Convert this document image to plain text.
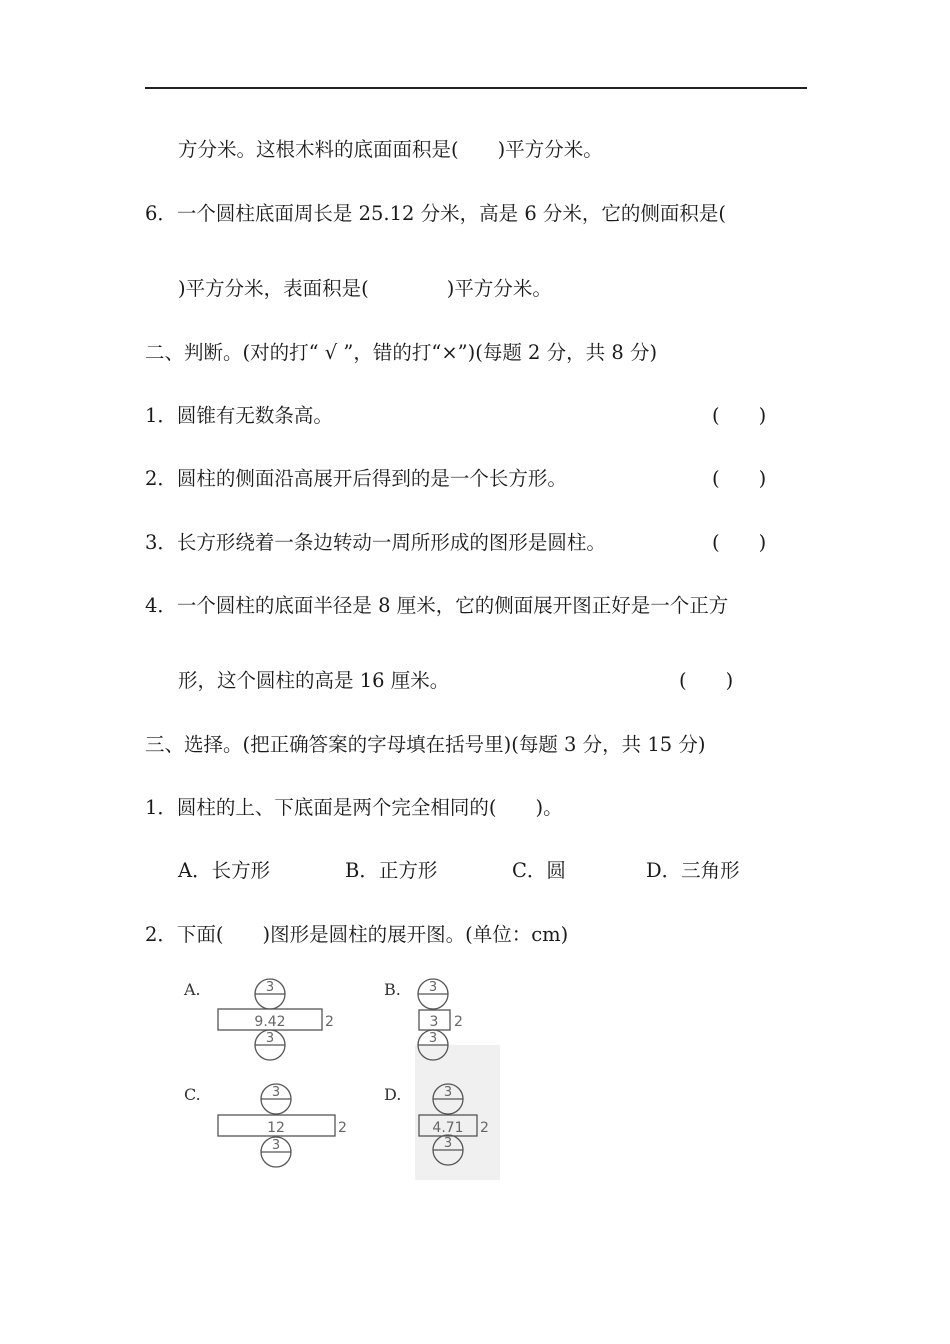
方分米。这根木料的底面面积是(　　)平方分米。
6．一个圆柱底面周长是 25.12 分米，高是 6 分米，它的侧面积是(
)平方分米，表面积是(　　　　)平方分米。
二、判断。(对的打“ √ ”，错的打“×”)(每题 2 分，共 8 分)
1．圆锥有无数条高。	(　　)
2．圆柱的侧面沿高展开后得到的是一个长方形。	(　　)
3．长方形绕着一条边转动一周所形成的图形是圆柱。	(　　)
4．一个圆柱的底面半径是 8 厘米，它的侧面展开图正好是一个正方
形，这个圆柱的高是 16 厘米。	(　　)
三、选择。(把正确答案的字母填在括号里)(每题 3 分，共 15 分)
1．圆柱的上、下底面是两个完全相同的(　　)。
A．长方形	B．正方形	C．圆	D．三角形
2．下面(　　)图形是圆柱的展开图。(单位：cm)
A.	3
9.42	2
3
B. 3
3 2
3
C.	3
12	2
3
D.	3
4.71 2
3
